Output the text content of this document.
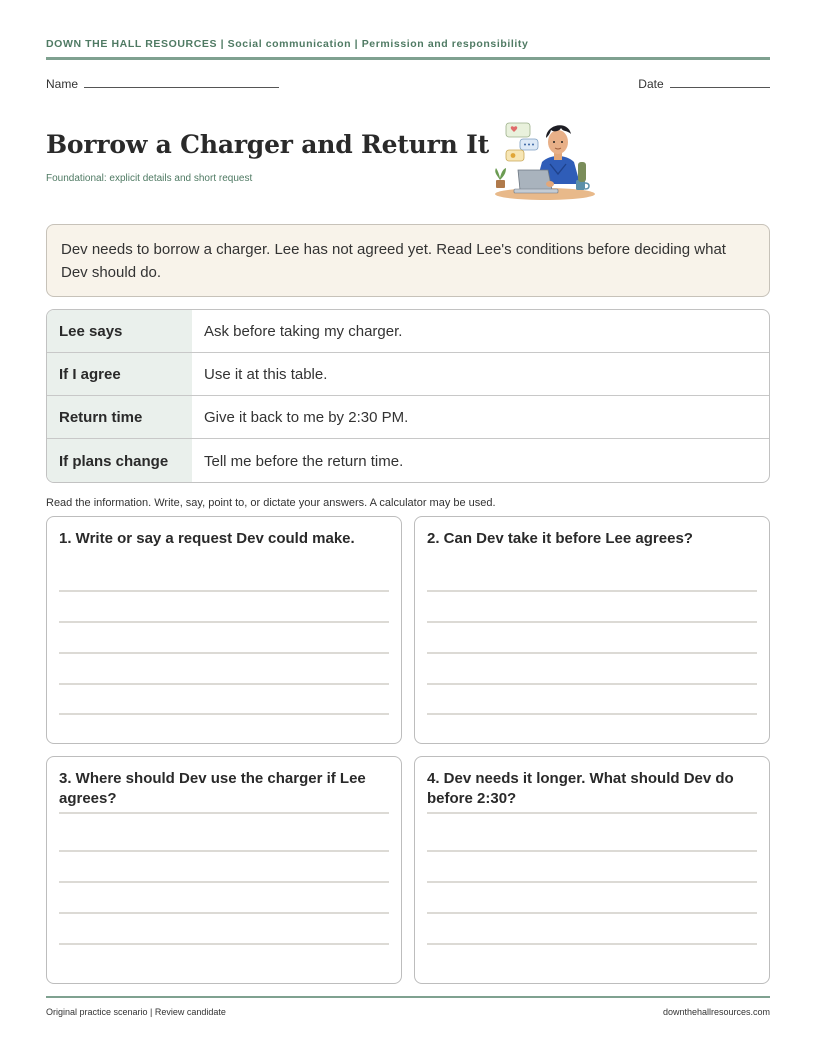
DOWN THE HALL RESOURCES | Social communication | Permission and responsibility
Name	Date
Borrow a Charger and Return It
Foundational: explicit details and short request
Dev needs to borrow a charger. Lee has not agreed yet. Read Lee's conditions before deciding what Dev should do.
Lee says	Ask before taking my charger.
If I agree	Use it at this table.
Return time	Give it back to me by 2:30 PM.
If plans change	Tell me before the return time.
Read the information. Write, say, point to, or dictate your answers. A calculator may be used.
1. Write or say a request Dev could make.	2. Can Dev take it before Lee agrees?
3. Where should Dev use the charger if Lee agrees?
4. Dev needs it longer. What should Dev do before 2:30?
Original practice scenario | Review candidate	downthehallresources.com
